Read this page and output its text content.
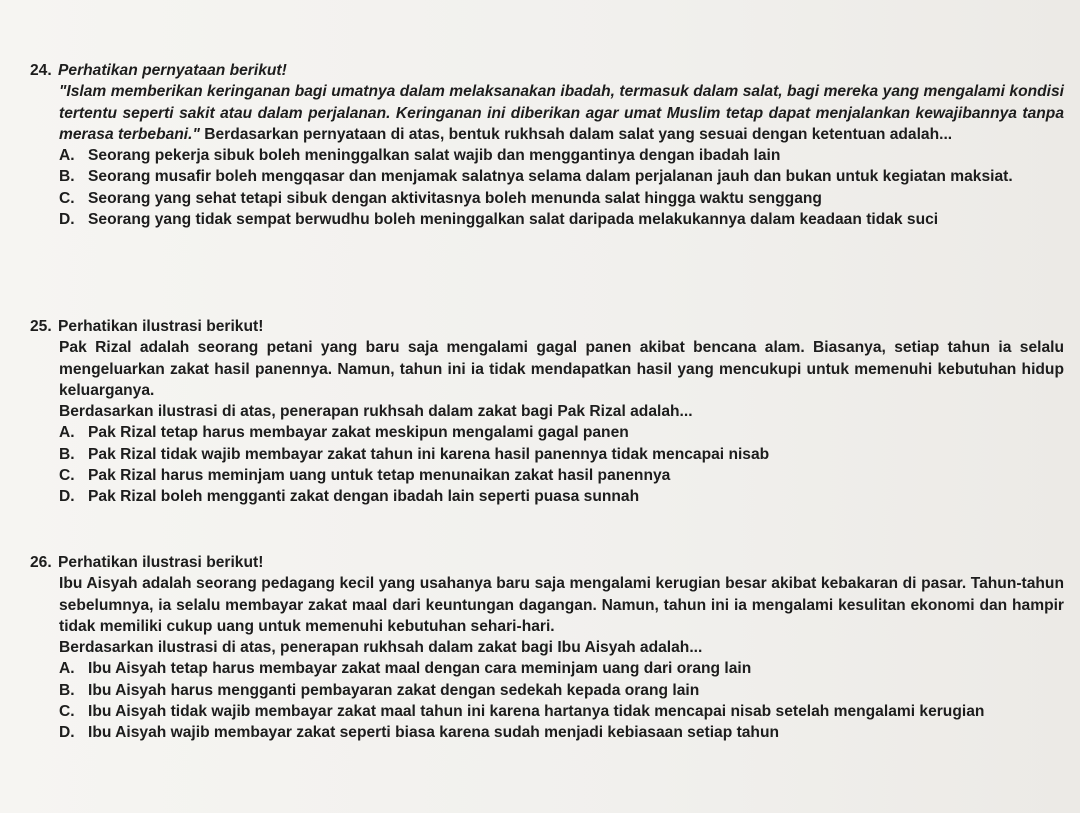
24. Perhatikan pernyataan berikut!
"Islam memberikan keringanan bagi umatnya dalam melaksanakan ibadah, termasuk dalam salat, bagi mereka yang mengalami kondisi tertentu seperti sakit atau dalam perjalanan. Keringanan ini diberikan agar umat Muslim tetap dapat menjalankan kewajibannya tanpa merasa terbebani." Berdasarkan pernyataan di atas, bentuk rukhsah dalam salat yang sesuai dengan ketentuan adalah...
A. Seorang pekerja sibuk boleh meninggalkan salat wajib dan menggantinya dengan ibadah lain
B. Seorang musafir boleh mengqasar dan menjamak salatnya selama dalam perjalanan jauh dan bukan untuk kegiatan maksiat.
C. Seorang yang sehat tetapi sibuk dengan aktivitasnya boleh menunda salat hingga waktu senggang
D. Seorang yang tidak sempat berwudhu boleh meninggalkan salat daripada melakukannya dalam keadaan tidak suci
25. Perhatikan ilustrasi berikut!
Pak Rizal adalah seorang petani yang baru saja mengalami gagal panen akibat bencana alam. Biasanya, setiap tahun ia selalu mengeluarkan zakat hasil panennya. Namun, tahun ini ia tidak mendapatkan hasil yang mencukupi untuk memenuhi kebutuhan hidup keluarganya.
Berdasarkan ilustrasi di atas, penerapan rukhsah dalam zakat bagi Pak Rizal adalah...
A. Pak Rizal tetap harus membayar zakat meskipun mengalami gagal panen
B. Pak Rizal tidak wajib membayar zakat tahun ini karena hasil panennya tidak mencapai nisab
C. Pak Rizal harus meminjam uang untuk tetap menunaikan zakat hasil panennya
D. Pak Rizal boleh mengganti zakat dengan ibadah lain seperti puasa sunnah
26. Perhatikan ilustrasi berikut!
Ibu Aisyah adalah seorang pedagang kecil yang usahanya baru saja mengalami kerugian besar akibat kebakaran di pasar. Tahun-tahun sebelumnya, ia selalu membayar zakat maal dari keuntungan dagangan. Namun, tahun ini ia mengalami kesulitan ekonomi dan hampir tidak memiliki cukup uang untuk memenuhi kebutuhan sehari-hari.
Berdasarkan ilustrasi di atas, penerapan rukhsah dalam zakat bagi Ibu Aisyah adalah...
A. Ibu Aisyah tetap harus membayar zakat maal dengan cara meminjam uang dari orang lain
B. Ibu Aisyah harus mengganti pembayaran zakat dengan sedekah kepada orang lain
C. Ibu Aisyah tidak wajib membayar zakat maal tahun ini karena hartanya tidak mencapai nisab setelah mengalami kerugian
D. Ibu Aisyah wajib membayar zakat seperti biasa karena sudah menjadi kebiasaan setiap tahun
